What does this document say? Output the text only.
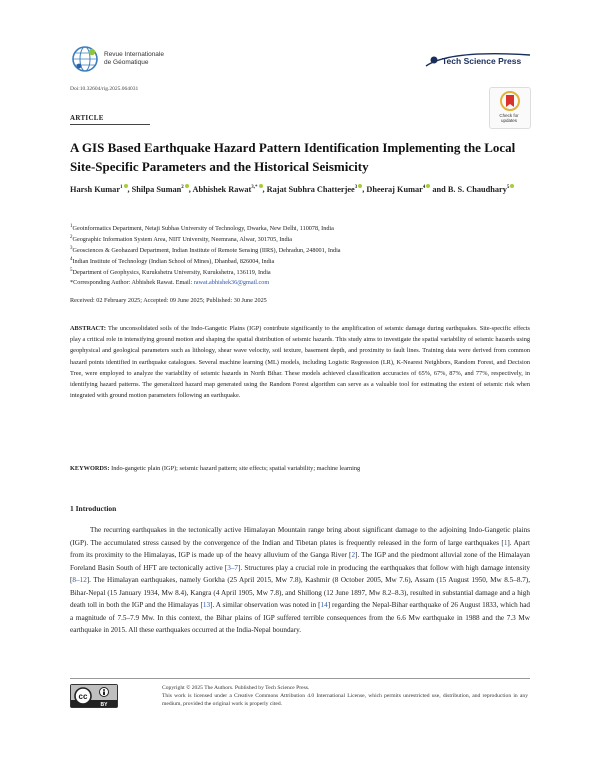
Revue Internationale
de Géomatique	Tech Science Press
Doi:10.32604/rig.2025.064031
Check for
updates
ARTICLE
A GIS Based Earthquake Hazard Pattern Identification Implementing the Local Site-Specific Parameters and the Historical Seismicity
Harsh Kumar$^1$ , Shilpa Suman$^2$ , Abhishek Rawat$^{3,*}$ , Rajat Subhra Chatterjee$^3$ , Dheeraj Kumar$^4$ and B. S. Chaudhary$^5$
$^1$Geoinformatics Department, Netaji Subhas University of Technology, Dwarka, New Delhi, 110078, India
$^2$Geographic Information System Area, NIIT University, Neemrana, Alwar, 301705, India
$^3$Geosciences & Geohazard Department, Indian Institute of Remote Sensing (IIRS), Dehradun, 248001, India
$^4$Indian Institute of Technology (Indian School of Mines), Dhanbad, 826004, India
$^5$Department of Geophysics, Kurukshetra University, Kurukshetra, 136119, India
*Corresponding Author: Abhishek Rawat. Email: rawat.abhishek36@gmail.com
Received: 02 February 2025; Accepted: 09 June 2025; Published: 30 June 2025
ABSTRACT: The unconsolidated soils of the Indo-Gangetic Plains (IGP) contribute significantly to the amplification of seismic damage during earthquakes. Site-specific effects play a critical role in intensifying ground motion and shaping the spatial distribution of seismic hazards. This study aims to investigate the spatial variability of seismic hazards using geophysical and geological parameters such as lithology, shear wave velocity, soil texture, basement depth, and proximity to fault lines. Training data were derived from common hazard points identified in earthquake catalogues. Several machine learning (ML) models, including Logistic Regression (LR), K-Nearest Neighbors, Random Forest, and Decision Tree, were employed to analyze the variability of seismic hazards in North Bihar. These models achieved classification accuracies of 65%, 67%, 87%, and 77%, respectively, in identifying hazard patterns. The generalized hazard map generated using the Random Forest algorithm can serve as a valuable tool for estimating the extent of seismic risk when integrated with ground motion parameters following an earthquake.
KEYWORDS: Indo-gangetic plain (IGP); seismic hazard pattern; site effects; spatial variability; machine learning
1 Introduction
The recurring earthquakes in the tectonically active Himalayan Mountain range bring about significant damage to the adjoining Indo-Gangetic plains (IGP). The accumulated stress caused by the convergence of the Indian and Tibetan plates is frequently released in the form of large earthquakes [1]. Apart from its proximity to the Himalayas, IGP is made up of the heavy alluvium of the Ganga River [2]. The IGP and the piedmont alluvial zone of the Himalayan Foreland Basin South of HFT are tectonically active [3–7]. Structures play a crucial role in producing the earthquakes that follow with high damage intensity [8–12]. The Himalayan earthquakes, namely Gorkha (25 April 2015, Mw 7.8), Kashmir (8 October 2005, Mw 7.6), Assam (15 August 1950, Mw 8.5–8.7), Bihar-Nepal (15 January 1934, Mw 8.4), Kangra (4 April 1905, Mw 7.8), and Shillong (12 June 1897, Mw 8.2–8.3), resulted in substantial damage and a high death toll in both the IGP and the Himalayas [13]. A similar observation was noted in [14] regarding the Nepal-Bihar earthquake of 26 August 1833, which had a magnitude of 7.5–7.9 Mw. In this context, the Bihar plains of IGP suffered terrible consequences from the 6.6 Mw earthquake in 1988 and the 7.3 Mw earthquake in 2015. All these earthquakes occurred at the India-Nepal boundary.
cc
BY
Copyright © 2025 The Authors. Published by Tech Science Press.
This work is licensed under a Creative Commons Attribution 4.0 International License, which permits unrestricted use, distribution, and reproduction in any medium, provided the original work is properly cited.
